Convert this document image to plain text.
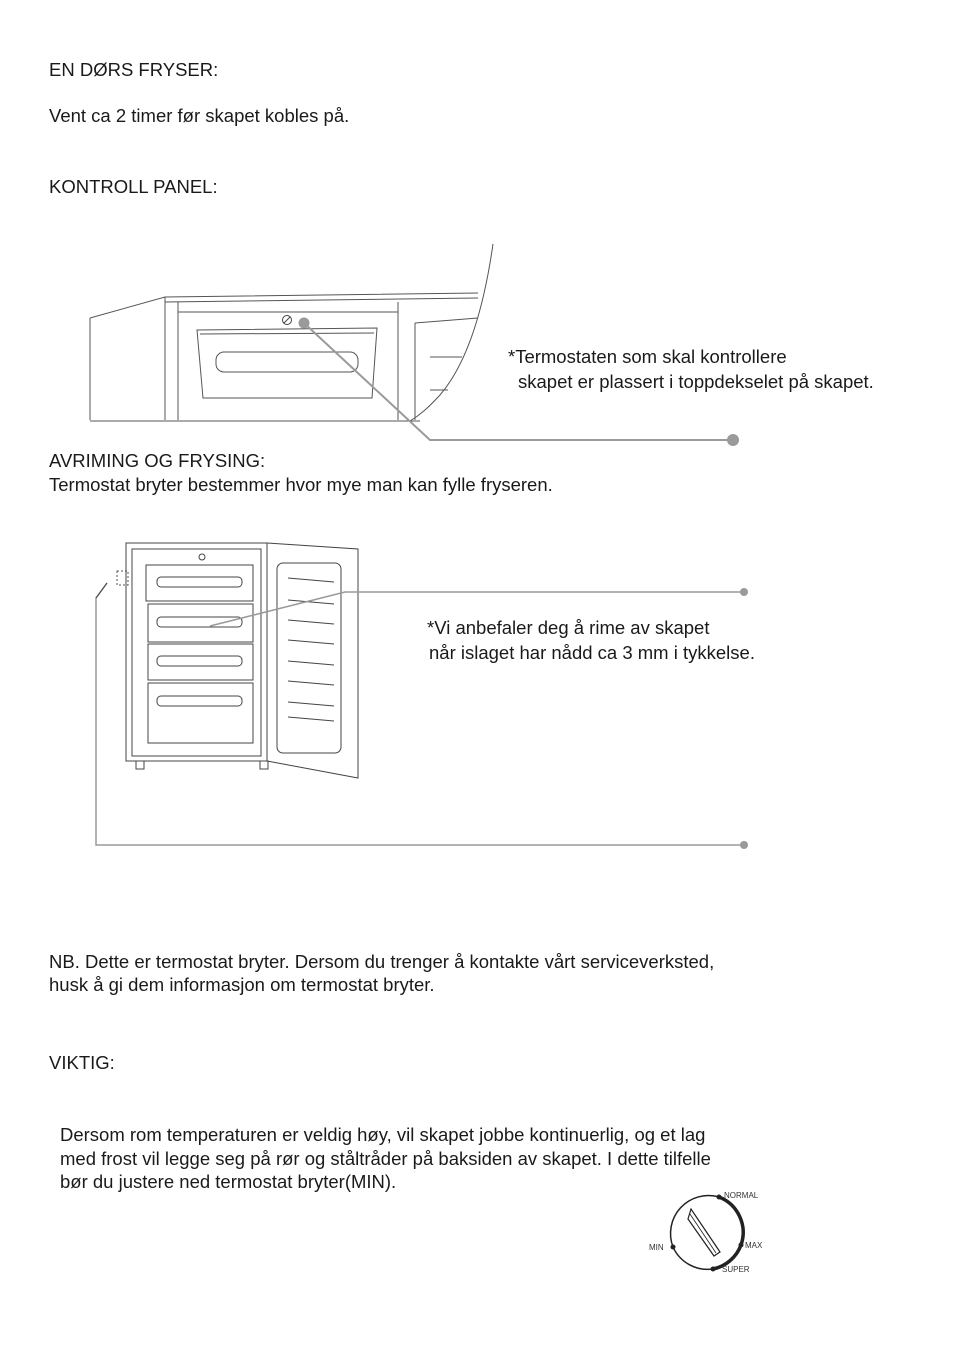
EN DØRS FRYSER:
Vent ca 2 timer før skapet kobles på.
KONTROLL PANEL:
*Termostaten som skal kontrollere
skapet er plassert i toppdekselet på skapet.
AVRIMING OG FRYSING:
Termostat bryter bestemmer hvor mye man kan fylle fryseren.
*Vi anbefaler deg å rime av skapet
når islaget har nådd ca 3 mm i tykkelse.
NB. Dette er termostat bryter. Dersom du trenger å kontakte vårt serviceverksted,
husk å gi dem informasjon om termostat bryter.
VIKTIG:
Dersom rom temperaturen er veldig høy, vil skapet jobbe kontinuerlig, og et lag
med frost vil legge seg på rør og ståltråder på baksiden av skapet. I dette tilfelle
bør du justere ned termostat bryter(MIN).
NORMAL
MAX
SUPER
MIN
